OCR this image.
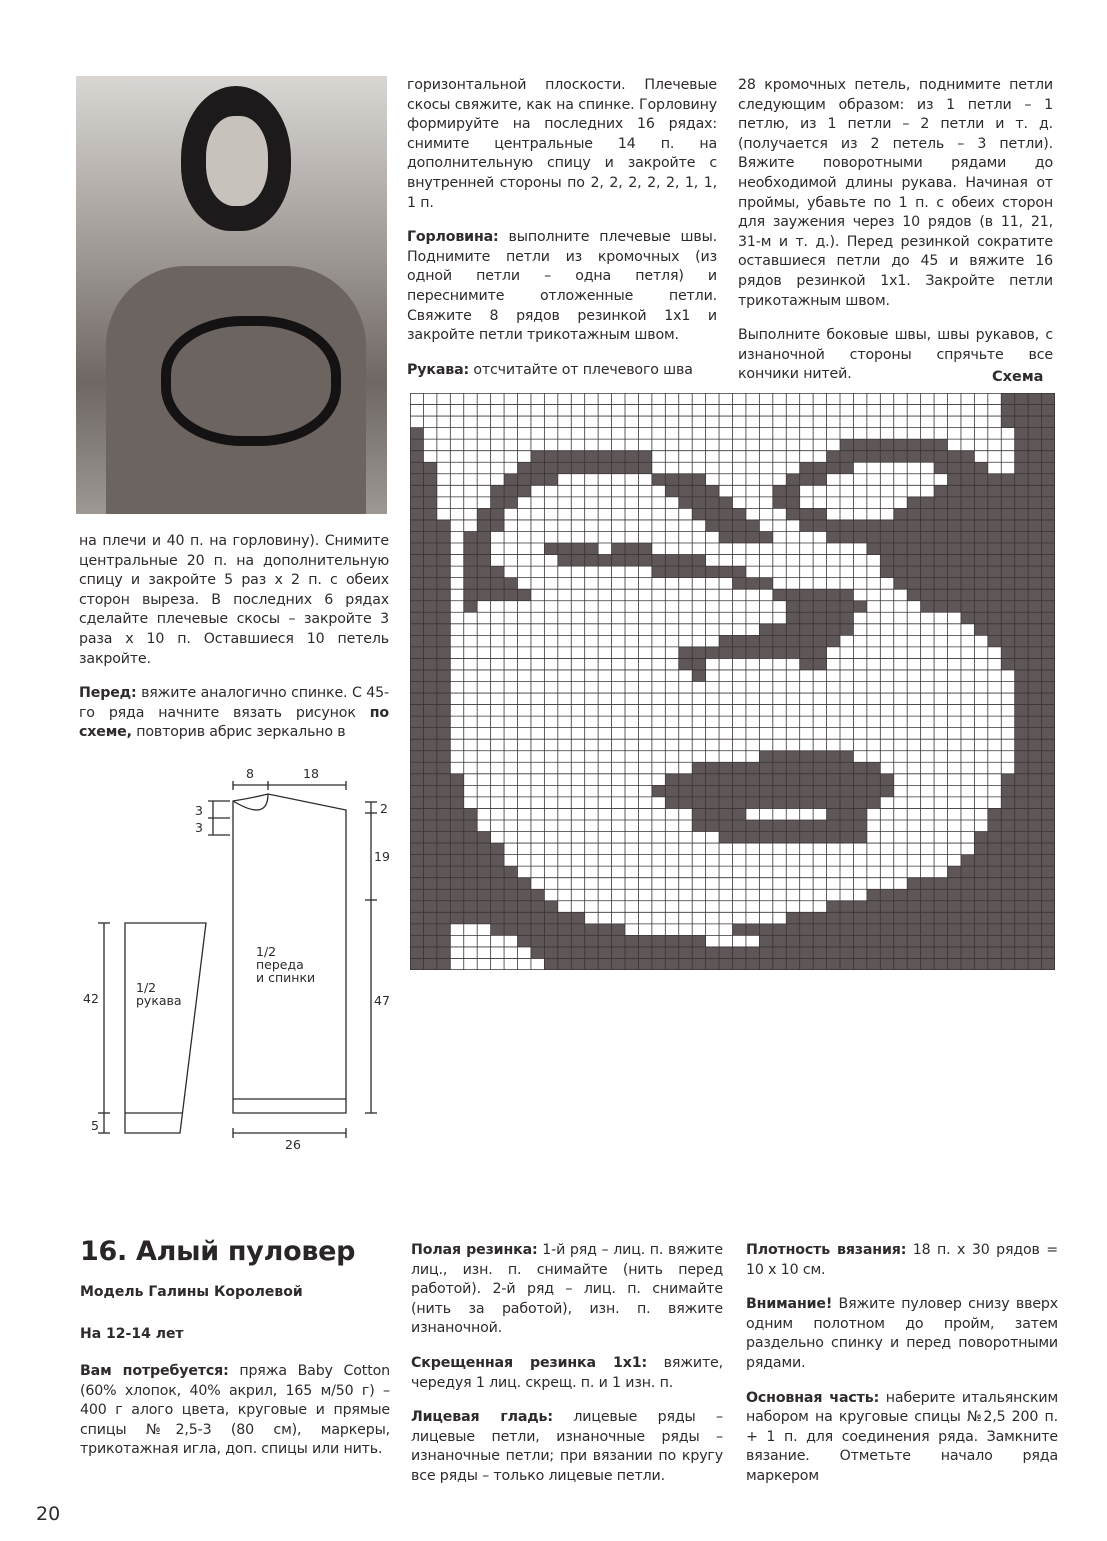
на плечи и 40 п. на горловину). Снимите центральные 20 п. на дополнительную спицу и закройте 5 раз x 2 п. с обеих сторон выреза. В последних 6 рядах сделайте плечевые скосы – закройте 3 раза x 10 п. Оставшиеся 10 петель закройте.

Перед: вяжите аналогично спинке. С 45-го ряда начните вязать рисунок по схеме, повторив абрис зеркально в

горизонтальной плоскости. Плечевые скосы свяжите, как на спинке. Горловину формируйте на последних 16 рядах: снимите центральные 14 п. на дополнительную спицу и закройте с внутренней стороны по 2, 2, 2, 2, 2, 1, 1, 1 п.

Горловина: выполните плечевые швы. Поднимите петли из кромочных (из одной петли – одна петля) и переснимите отложенные петли. Свяжите 8 рядов резинкой 1x1 и закройте петли трикотажным швом.

Рукава: отсчитайте от плечевого шва

28 кромочных петель, поднимите петли следующим образом: из 1 петли – 1 петлю, из 1 петли – 2 петли и т. д. (получается из 2 петель – 3 петли). Вяжите поворотными рядами до необходимой длины рукава. Начиная от проймы, убавьте по 1 п. с обеих сторон для заужения через 10 рядов (в 11, 21, 31-м и т. д.). Перед резинкой сократите оставшиеся петли до 45 и вяжите 16 рядов резинкой 1x1. Закройте петли трикотажным швом.

Выполните боковые швы, швы рукавов, с изнаночной стороны спрячьте все кончики нитей.	Схема
8	18
3
3
2
19
42	47
5
26
1/2
рукава
1/2
переда
и спинки
16. Алый пуловер
Модель Галины Королевой
На 12-14 лет

Вам потребуется: пряжа Baby Cotton (60% хлопок, 40% акрил, 165 м/50 г) – 400 г алого цвета, круговые и прямые спицы №2,5-3 (80 см), маркеры, трикотажная игла, доп. спицы или нить.

Полая резинка: 1-й ряд – лиц. п. вяжите лиц., изн. п. снимайте (нить перед работой). 2-й ряд – лиц. п. снимайте (нить за работой), изн. п. вяжите изнаночной.

Скрещенная резинка 1x1: вяжите, чередуя 1 лиц. скрещ. п. и 1 изн. п.

Лицевая гладь: лицевые ряды – лицевые петли, изнаночные ряды – изнаночные петли; при вязании по кругу все ряды – только лицевые петли.

Плотность вязания: 18 п. x 30 рядов = 10 x 10 см.

Внимание! Вяжите пуловер снизу вверх одним полотном до пройм, затем раздельно спинку и перед поворотными рядами.

Основная часть: наберите итальянским набором на круговые спицы №2,5 200 п. + 1 п. для соединения ряда. Замкните вязание. Отметьте начало ряда маркером

20
